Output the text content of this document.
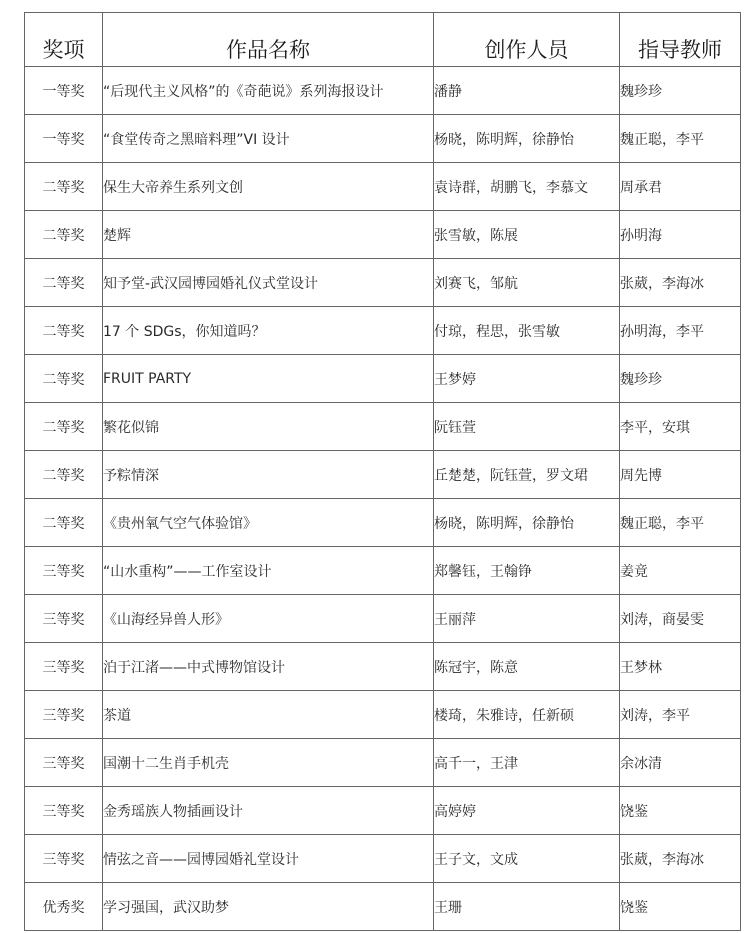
奖项	作品名称	创作人员	指导教师
一等奖	“后现代主义风格”的《奇葩说》系列海报设计	潘静	魏珍珍
一等奖	“食堂传奇之黑暗料理”VI 设计	杨晓，陈明辉，徐静怡	魏正聪，李平
二等奖	保生大帝养生系列文创	袁诗群，胡鹏飞，李慕文	周承君
二等奖	楚辉	张雪敏，陈展	孙明海
二等奖	知予堂-武汉园博园婚礼仪式堂设计	刘赛飞，邹航	张葳，李海冰
二等奖	17 个 SDGs，你知道吗？	付琼，程思，张雪敏	孙明海，李平
二等奖	FRUIT PARTY	王梦婷	魏珍珍
二等奖	繁花似锦	阮钰萱	李平，安琪
二等奖	予粽情深	丘楚楚，阮钰萱，罗文珺	周先博
二等奖	《贵州氧气空气体验馆》	杨晓，陈明辉，徐静怡	魏正聪，李平
三等奖	“山水重构”——工作室设计	郑馨钰，王翰铮	姜竟
三等奖	《山海经异兽人形》	王丽萍	刘涛，商晏雯
三等奖	泊于江渚——中式博物馆设计	陈冠宇，陈意	王梦林
三等奖	茶道	楼琦，朱雅诗，任新硕	刘涛，李平
三等奖	国潮十二生肖手机壳	高千一，王津	余冰清
三等奖	金秀瑶族人物插画设计	高婷婷	饶鉴
三等奖	情弦之音——园博园婚礼堂设计	王子文，文成	张葳，李海冰
优秀奖	学习强国，武汉助梦	王珊	饶鉴
